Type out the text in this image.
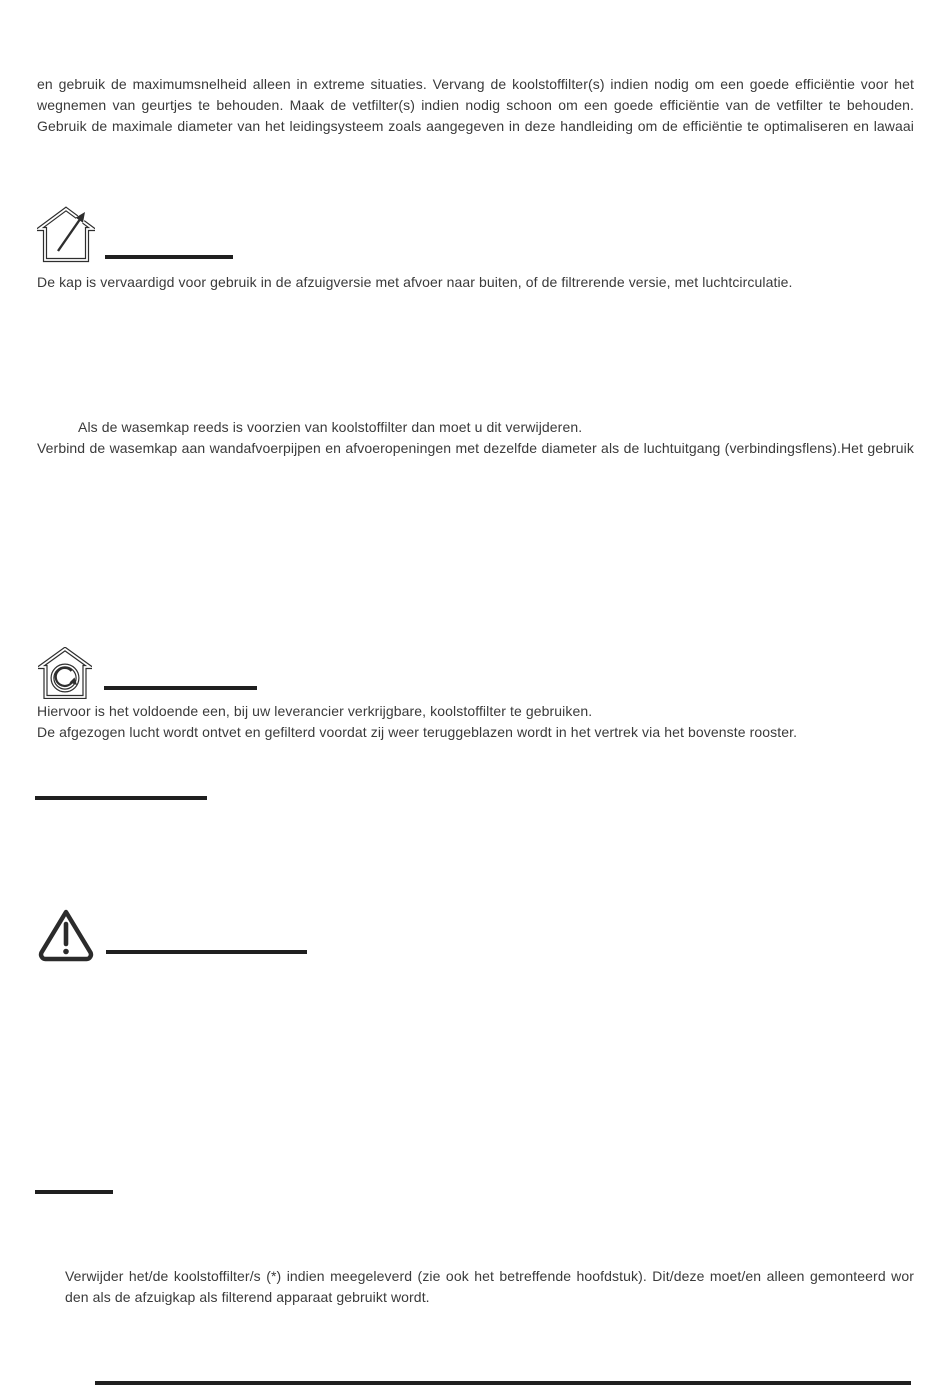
en gebruik de maximumsnelheid alleen in extreme situaties. Vervang de koolstoffilter(s) indien nodig om een goede efficiëntie voor het
wegnemen van geurtjes te behouden. Maak de vetfilter(s) indien nodig schoon om een goede efficiëntie van de vetfilter te behouden.
Gebruik de maximale diameter van het leidingsysteem zoals aangegeven in deze handleiding om de efficiëntie te optimaliseren en lawaai
De kap is vervaardigd voor gebruik in de afzuigversie met afvoer naar buiten, of de filtrerende versie, met luchtcirculatie.
Als de wasemkap reeds is voorzien van koolstoffilter dan moet u dit verwijderen.
Verbind de wasemkap aan wandafvoerpijpen en afvoeropeningen met dezelfde diameter als de luchtuitgang (verbindingsflens).Het gebruik
Hiervoor is het voldoende een, bij uw leverancier verkrijgbare, koolstoffilter te gebruiken.
De afgezogen lucht wordt ontvet en gefilterd voordat zij weer teruggeblazen wordt in het vertrek via het bovenste rooster.
Verwijder het/de koolstoffilter/s (*) indien meegeleverd (zie ook het betreffende hoofdstuk). Dit/deze moet/en alleen gemonteerd wor
den als de afzuigkap als filterend apparaat gebruikt wordt.
